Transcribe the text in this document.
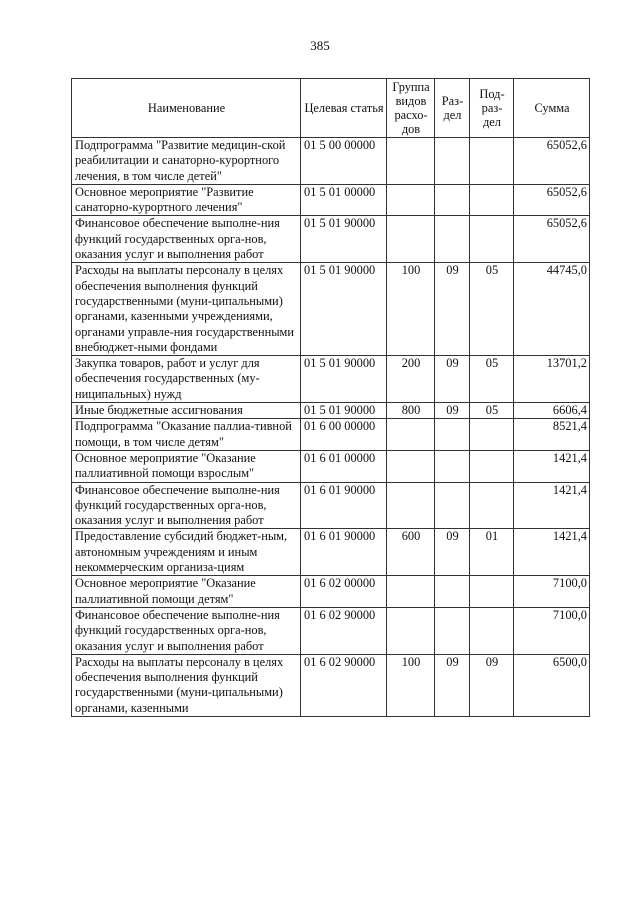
385
Наименование	Целевая статья	Группа видов расхо-дов	Раз-дел	Под-раз-дел	Сумма
Подпрограмма "Развитие медицин-ской реабилитации и санаторно-курортного лечения, в том числе детей"	01 5 00 00000				65052,6
Основное мероприятие "Развитие санаторно-курортного лечения"	01 5 01 00000				65052,6
Финансовое обеспечение выполне-ния функций государственных орга-нов, оказания услуг и выполнения работ	01 5 01 90000				65052,6
Расходы на выплаты персоналу в целях обеспечения выполнения функций государственными (муни-ципальными) органами, казенными учреждениями, органами управле-ния государственными внебюджет-ными фондами	01 5 01 90000	100	09	05	44745,0
Закупка товаров, работ и услуг для обеспечения государственных (му-ниципальных) нужд	01 5 01 90000	200	09	05	13701,2
Иные бюджетные ассигнования	01 5 01 90000	800	09	05	6606,4
Подпрограмма "Оказание паллиа-тивной помощи, в том числе детям"	01 6 00 00000				8521,4
Основное мероприятие "Оказание паллиативной помощи взрослым"	01 6 01 00000				1421,4
Финансовое обеспечение выполне-ния функций государственных орга-нов, оказания услуг и выполнения работ	01 6 01 90000				1421,4
Предоставление субсидий бюджет-ным, автономным учреждениям и иным некоммерческим организа-циям	01 6 01 90000	600	09	01	1421,4
Основное мероприятие "Оказание паллиативной помощи детям"	01 6 02 00000				7100,0
Финансовое обеспечение выполне-ния функций государственных орга-нов, оказания услуг и выполнения работ	01 6 02 90000				7100,0
Расходы на выплаты персоналу в целях обеспечения выполнения функций государственными (муни-ципальными) органами, казенными	01 6 02 90000	100	09	09	6500,0
